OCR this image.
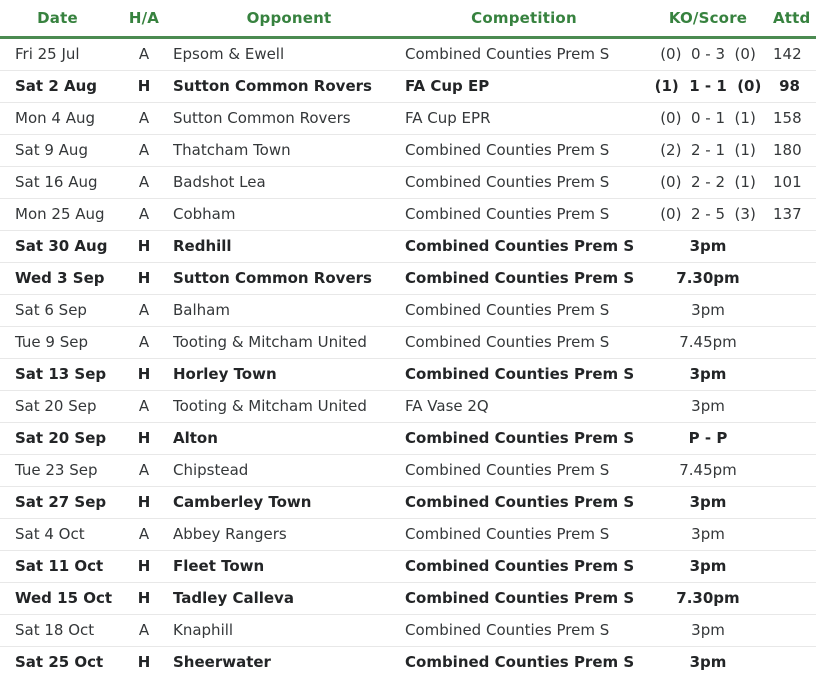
Date	H/A	Opponent	Competition	KO/Score	Attd
Fri 25 Jul	A	Epsom & Ewell	Combined Counties Prem S	(0)  0 - 3  (0)	142
Sat 2 Aug	H	Sutton Common Rovers	FA Cup EP	(1)  1 - 1  (0)	98
Mon 4 Aug	A	Sutton Common Rovers	FA Cup EPR	(0)  0 - 1  (1)	158
Sat 9 Aug	A	Thatcham Town	Combined Counties Prem S	(2)  2 - 1  (1)	180
Sat 16 Aug	A	Badshot Lea	Combined Counties Prem S	(0)  2 - 2  (1)	101
Mon 25 Aug	A	Cobham	Combined Counties Prem S	(0)  2 - 5  (3)	137
Sat 30 Aug	H	Redhill	Combined Counties Prem S	3pm	
Wed 3 Sep	H	Sutton Common Rovers	Combined Counties Prem S	7.30pm	
Sat 6 Sep	A	Balham	Combined Counties Prem S	3pm	
Tue 9 Sep	A	Tooting & Mitcham United	Combined Counties Prem S	7.45pm	
Sat 13 Sep	H	Horley Town	Combined Counties Prem S	3pm	
Sat 20 Sep	A	Tooting & Mitcham United	FA Vase 2Q	3pm	
Sat 20 Sep	H	Alton	Combined Counties Prem S	P - P	
Tue 23 Sep	A	Chipstead	Combined Counties Prem S	7.45pm	
Sat 27 Sep	H	Camberley Town	Combined Counties Prem S	3pm	
Sat 4 Oct	A	Abbey Rangers	Combined Counties Prem S	3pm	
Sat 11 Oct	H	Fleet Town	Combined Counties Prem S	3pm	
Wed 15 Oct	H	Tadley Calleva	Combined Counties Prem S	7.30pm	
Sat 18 Oct	A	Knaphill	Combined Counties Prem S	3pm	
Sat 25 Oct	H	Sheerwater	Combined Counties Prem S	3pm	
